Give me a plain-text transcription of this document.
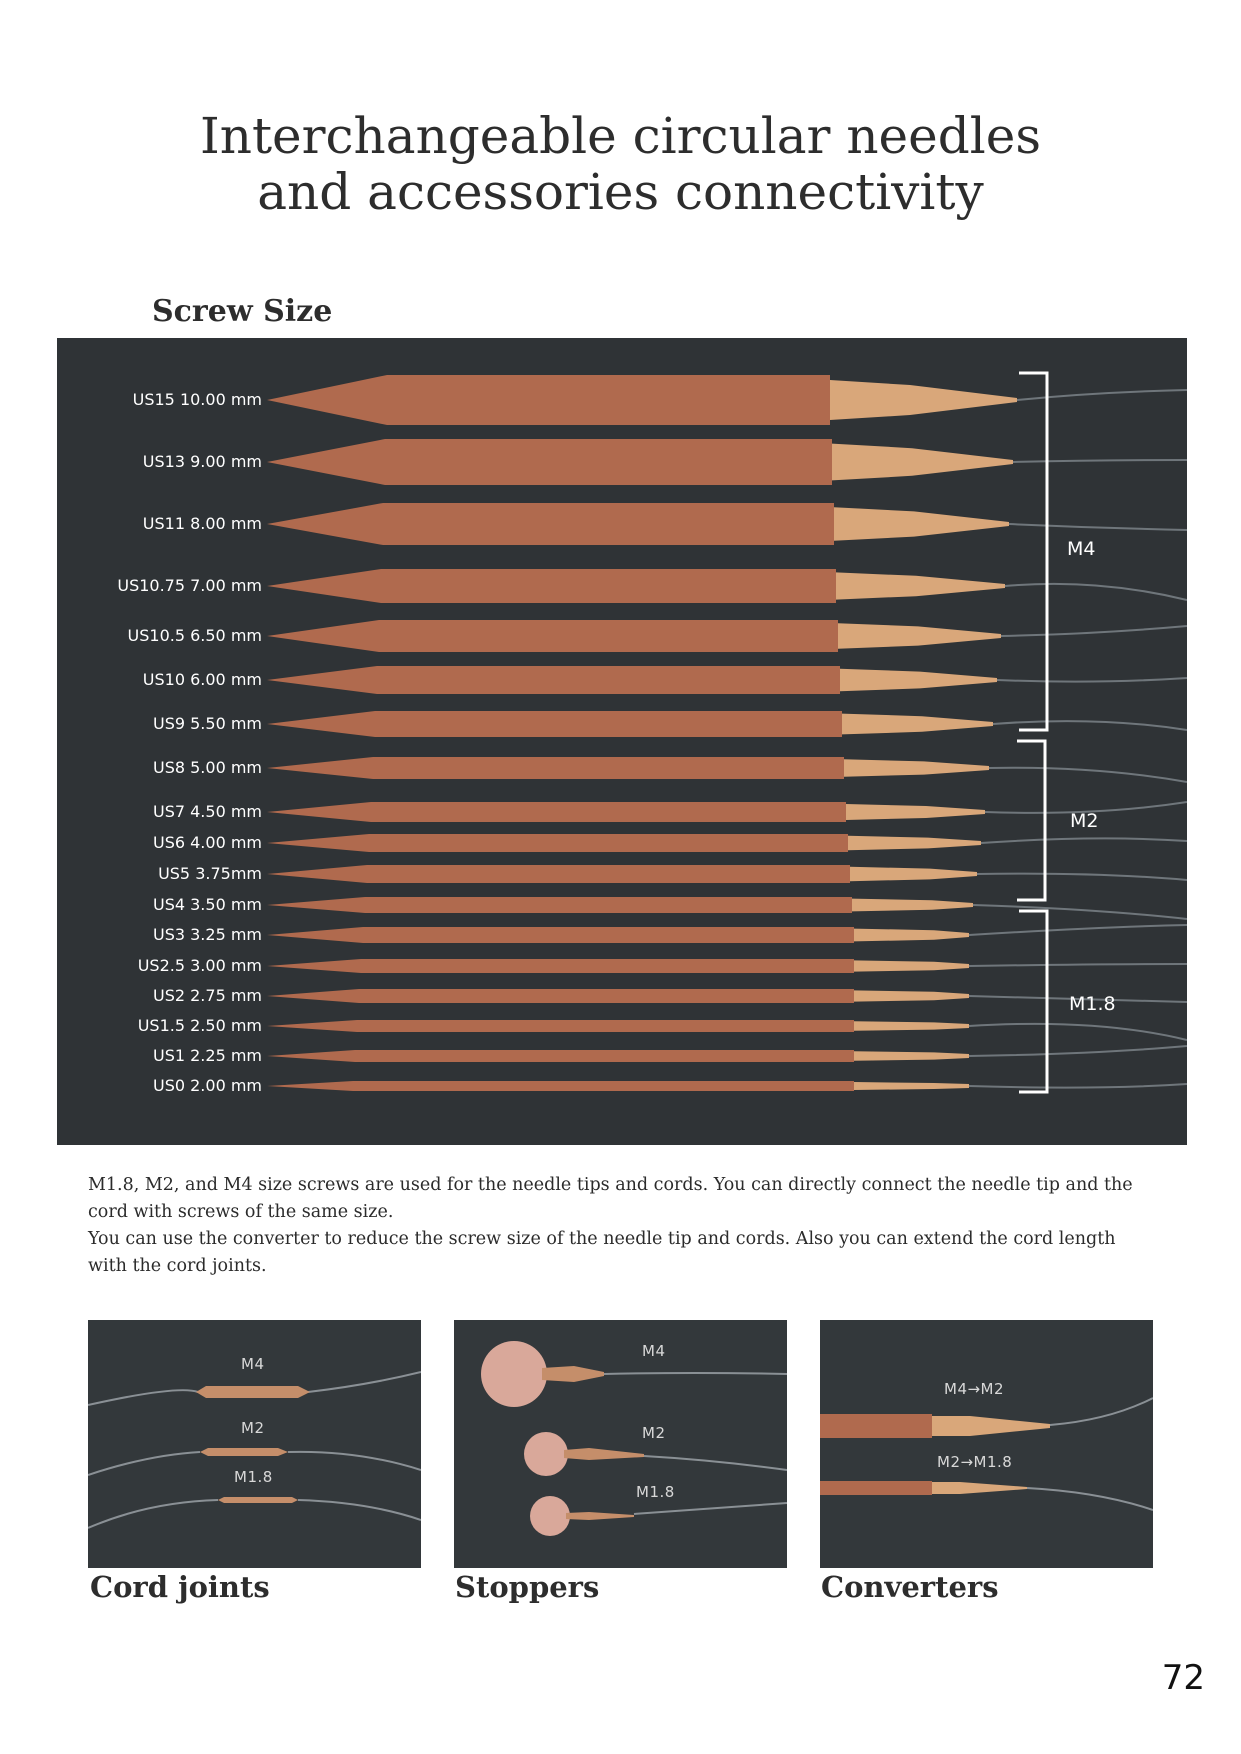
Interchangeable circular needles
and accessories connectivity
Screw Size
US15 10.00 mm
US13 9.00 mm
US11 8.00 mm
US10.75 7.00 mm
US10.5 6.50 mm
US10 6.00 mm
US9 5.50 mm
US8 5.00 mm
US7 4.50 mm
US6 4.00 mm
US5 3.75mm
US4 3.50 mm
US3 3.25 mm
US2.5 3.00 mm
US2 2.75 mm
US1.5 2.50 mm
US1 2.25 mm
US0 2.00 mm
M4
M2
M1.8

M1.8, M2, and M4 size screws are used for the needle tips and cords. You can directly connect the needle tip and the cord with screws of the same size.

You can use the converter to reduce the screw size of the needle tip and cords. Also you can extend the cord length with the cord joints.

M4
M2
M1.8
M4
M2
M1.8
M4→M2
M2→M1.8
Cord joints	Stoppers	Converters
72
